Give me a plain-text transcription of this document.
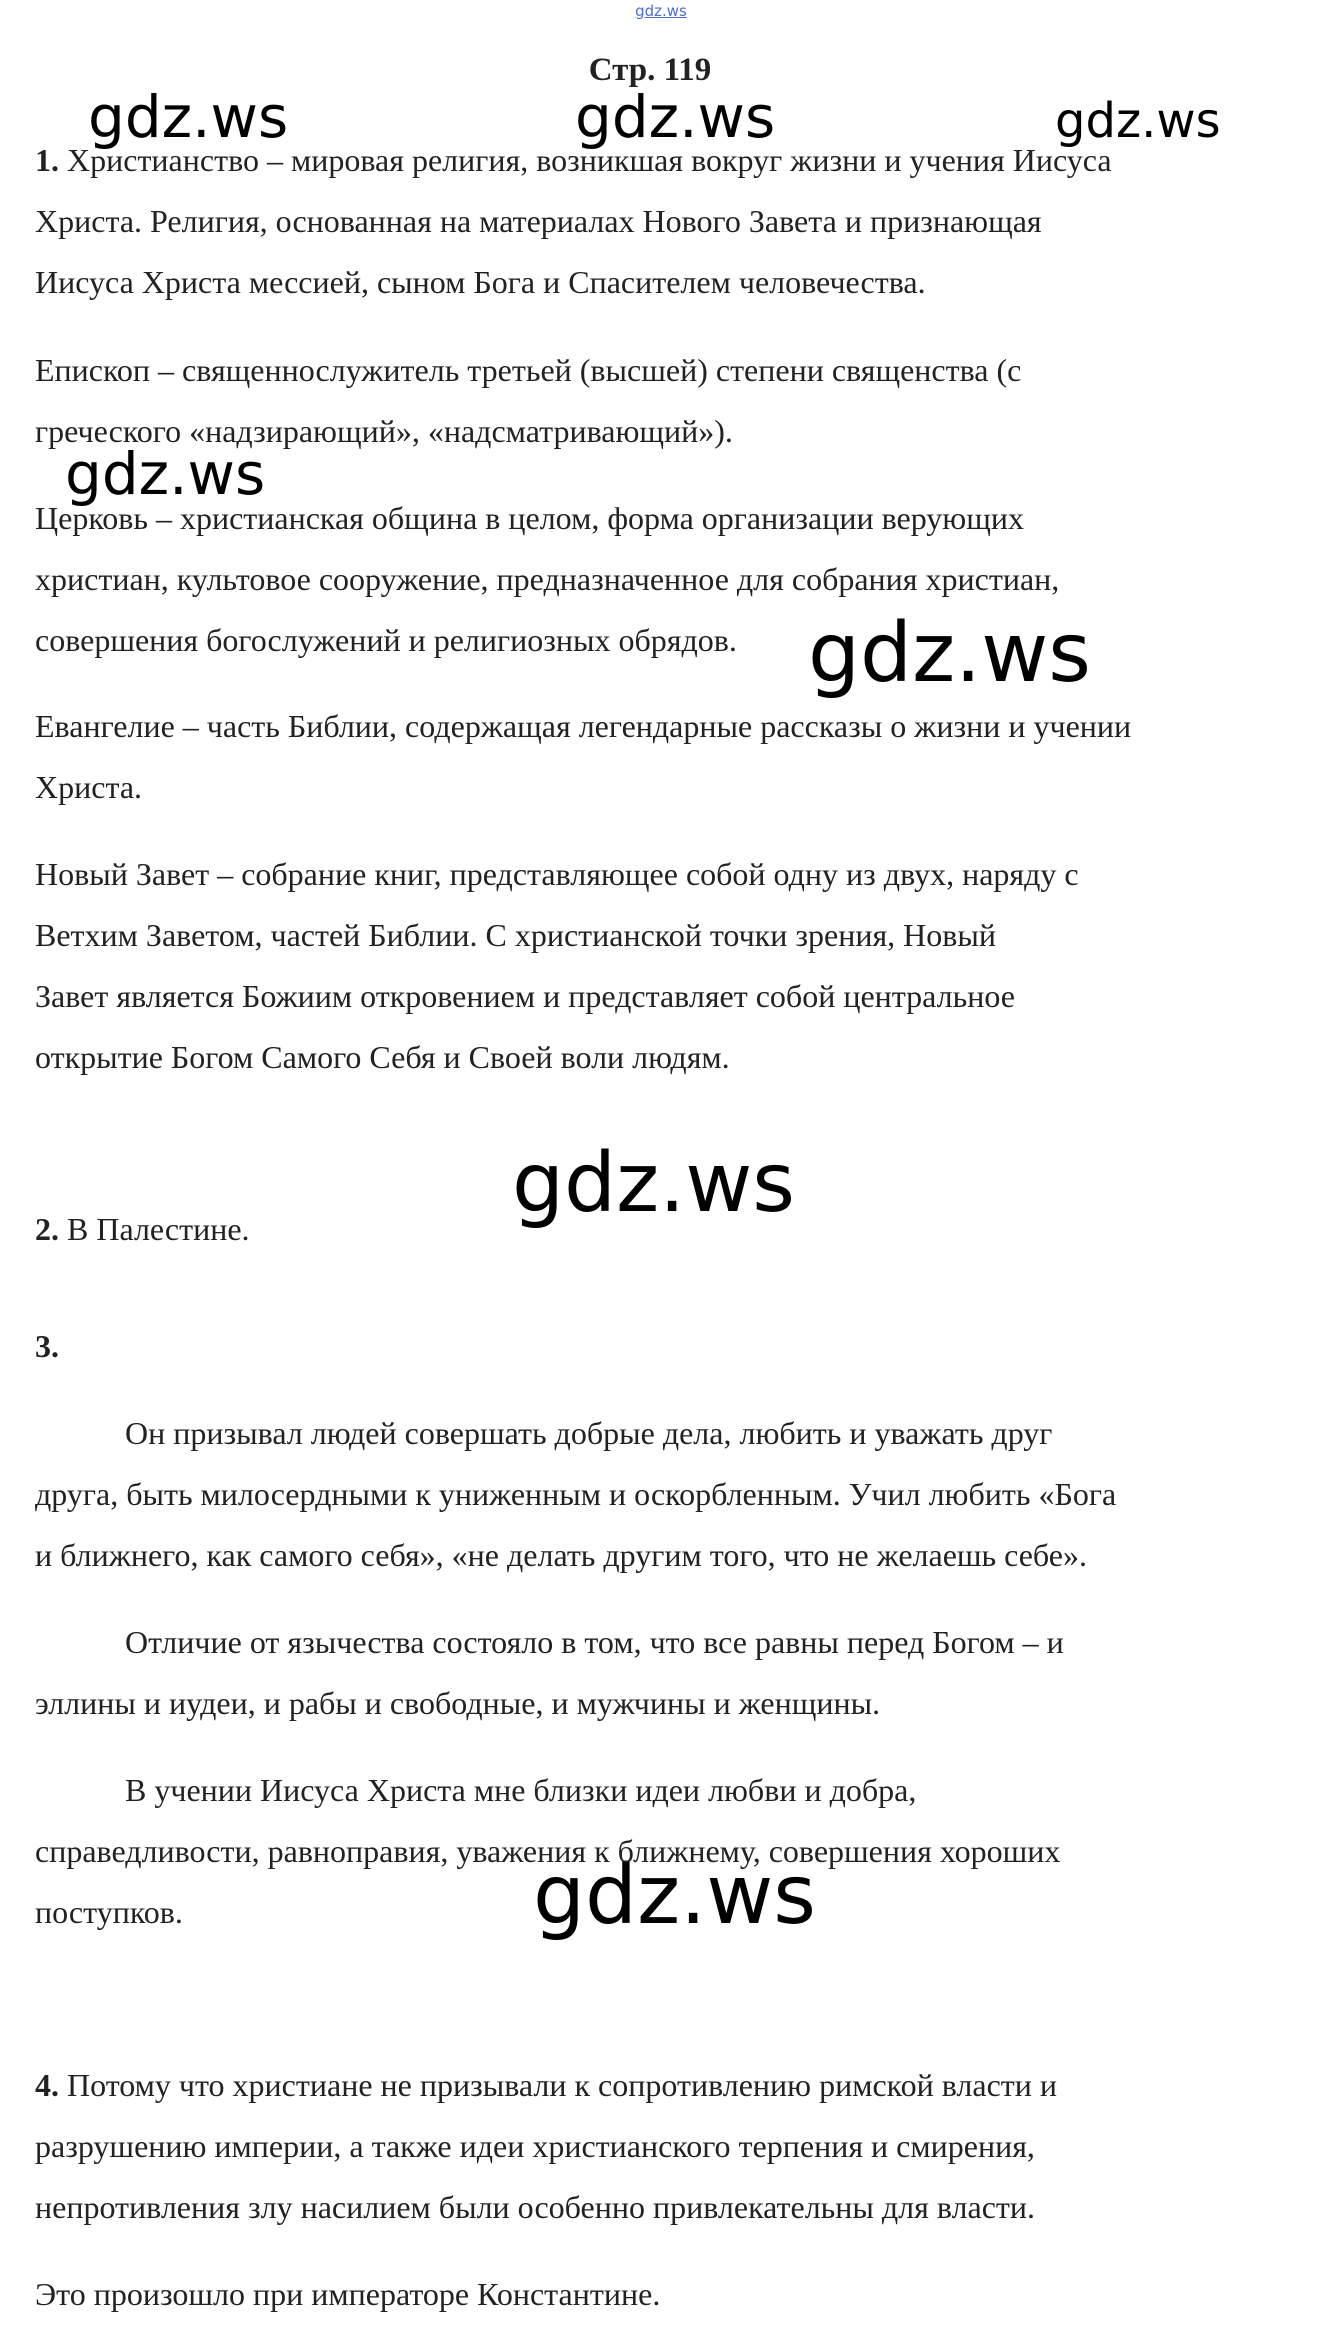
gdz.ws
Стр. 119
gdz.ws	gdz.ws	gdz.ws
gdz.ws
gdz.ws
gdz.ws
gdz.ws
1. Христианство – мировая религия, возникшая вокруг жизни и учения Иисуса
Христа. Религия, основанная на материалах Нового Завета и признающая
Иисуса Христа мессией, сыном Бога и Спасителем человечества.
Епископ – священнослужитель третьей (высшей) степени священства (с
греческого «надзирающий», «надсматривающий»).
Церковь – христианская община в целом, форма организации верующих
христиан, культовое сооружение, предназначенное для собрания христиан,
совершения богослужений и религиозных обрядов.
Евангелие – часть Библии, содержащая легендарные рассказы о жизни и учении
Христа.
Новый Завет – собрание книг, представляющее собой одну из двух, наряду с
Ветхим Заветом, частей Библии. С христианской точки зрения, Новый
Завет является Божиим откровением и представляет собой центральное
открытие Богом Самого Себя и Своей воли людям.
2. В Палестине.
3.
Он призывал людей совершать добрые дела, любить и уважать друг
друга, быть милосердными к униженным и оскорбленным. Учил любить «Бога
и ближнего, как самого себя», «не делать другим того, что не желаешь себе».
Отличие от язычества состояло в том, что все равны перед Богом – и
эллины и иудеи, и рабы и свободные, и мужчины и женщины.
В учении Иисуса Христа мне близки идеи любви и добра,
справедливости, равноправия, уважения к ближнему, совершения хороших
поступков.
4. Потому что христиане не призывали к сопротивлению римской власти и
разрушению империи, а также идеи христианского терпения и смирения,
непротивления злу насилием были особенно привлекательны для власти.
Это произошло при императоре Константине.
